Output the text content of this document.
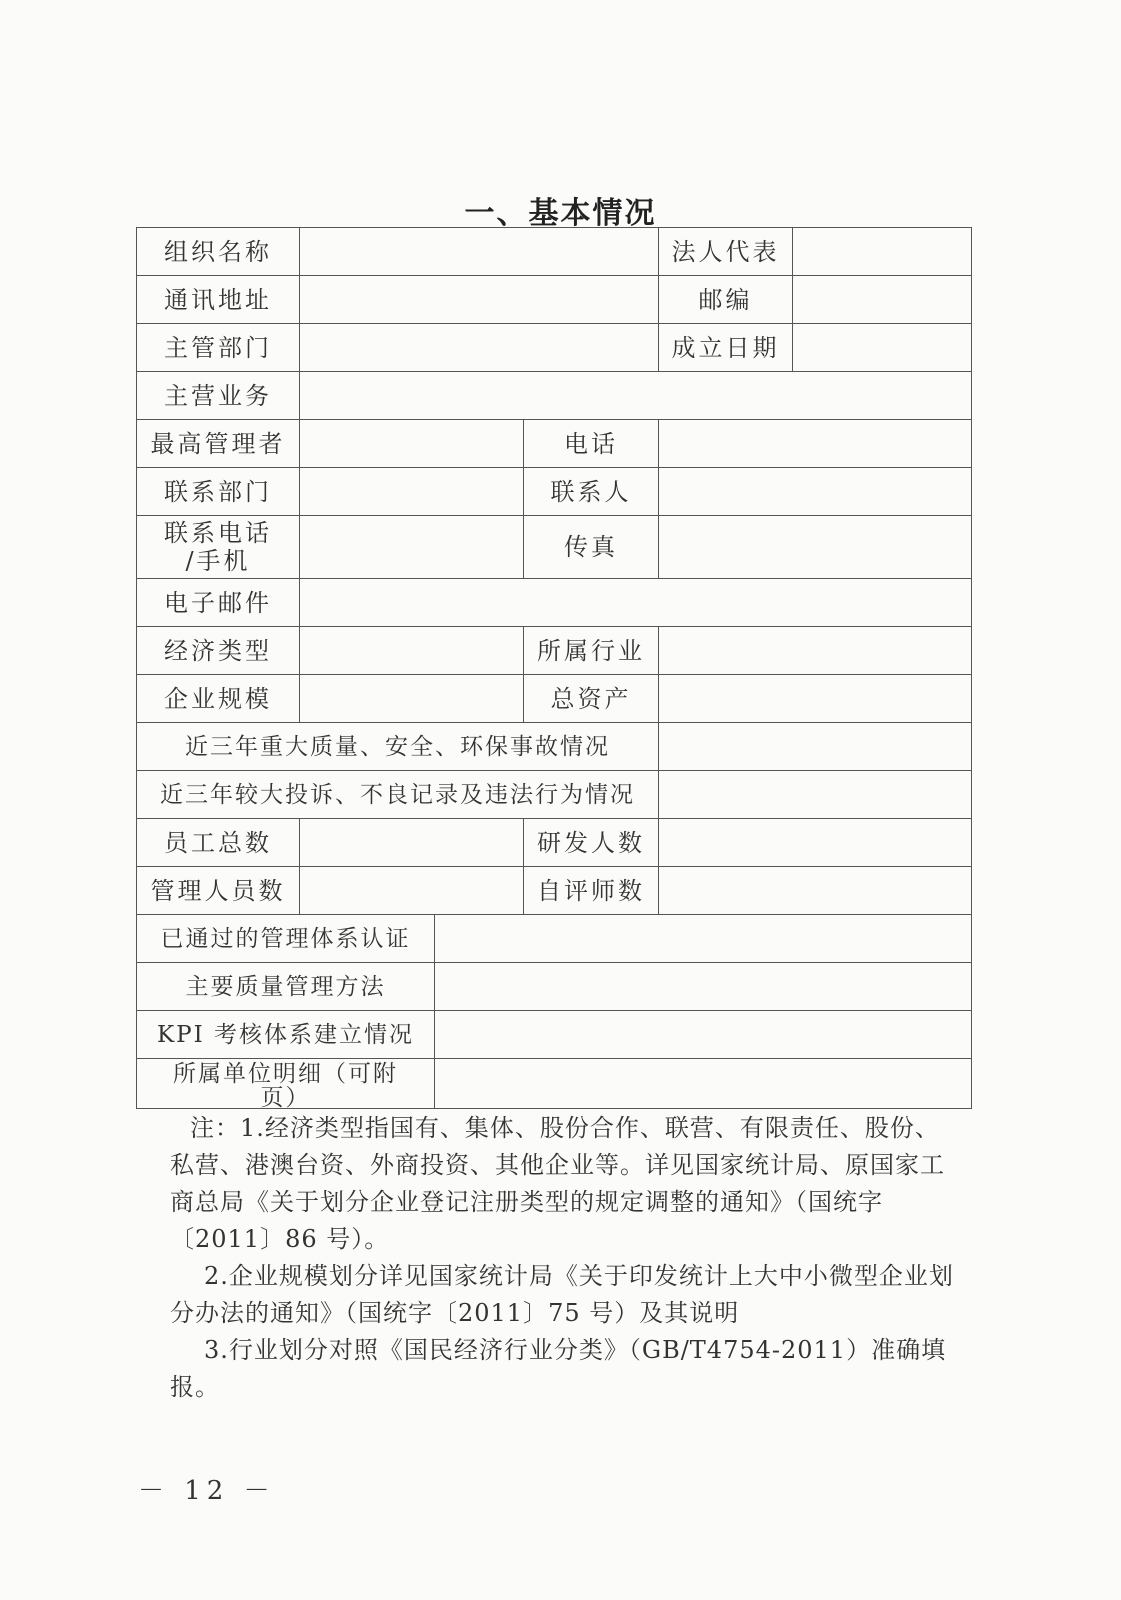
一、基本情况
组织名称				法人代表	
通讯地址				邮编	
主管部门				成立日期	
主营业务					
最高管理者			电话		
联系部门			联系人		

联系电话
/手机			传真		
电子邮件					
经济类型			所属行业		
企业规模			总资产		
近三年重大质量、安全、环保事故情况					
近三年较大投诉、不良记录及违法行为情况					
员工总数			研发人数		
管理人员数			自评师数		
已通过的管理体系认证					
主要质量管理方法					
KPI 考核体系建立情况					

所属单位明细（可附
页）					

注：1.经济类型指国有、集体、股份合作、联营、有限责任、股份、私营、港澳台资、外商投资、其他企业等。详见国家统计局、原国家工商总局《关于划分企业登记注册类型的规定调整的通知》（国统字〔2011〕86 号）。

2.企业规模划分详见国家统计局《关于印发统计上大中小微型企业划分办法的通知》（国统字〔2011〕75 号）及其说明

3.行业划分对照《国民经济行业分类》（GB/T4754-2011）准确填报。

－ 12 －
